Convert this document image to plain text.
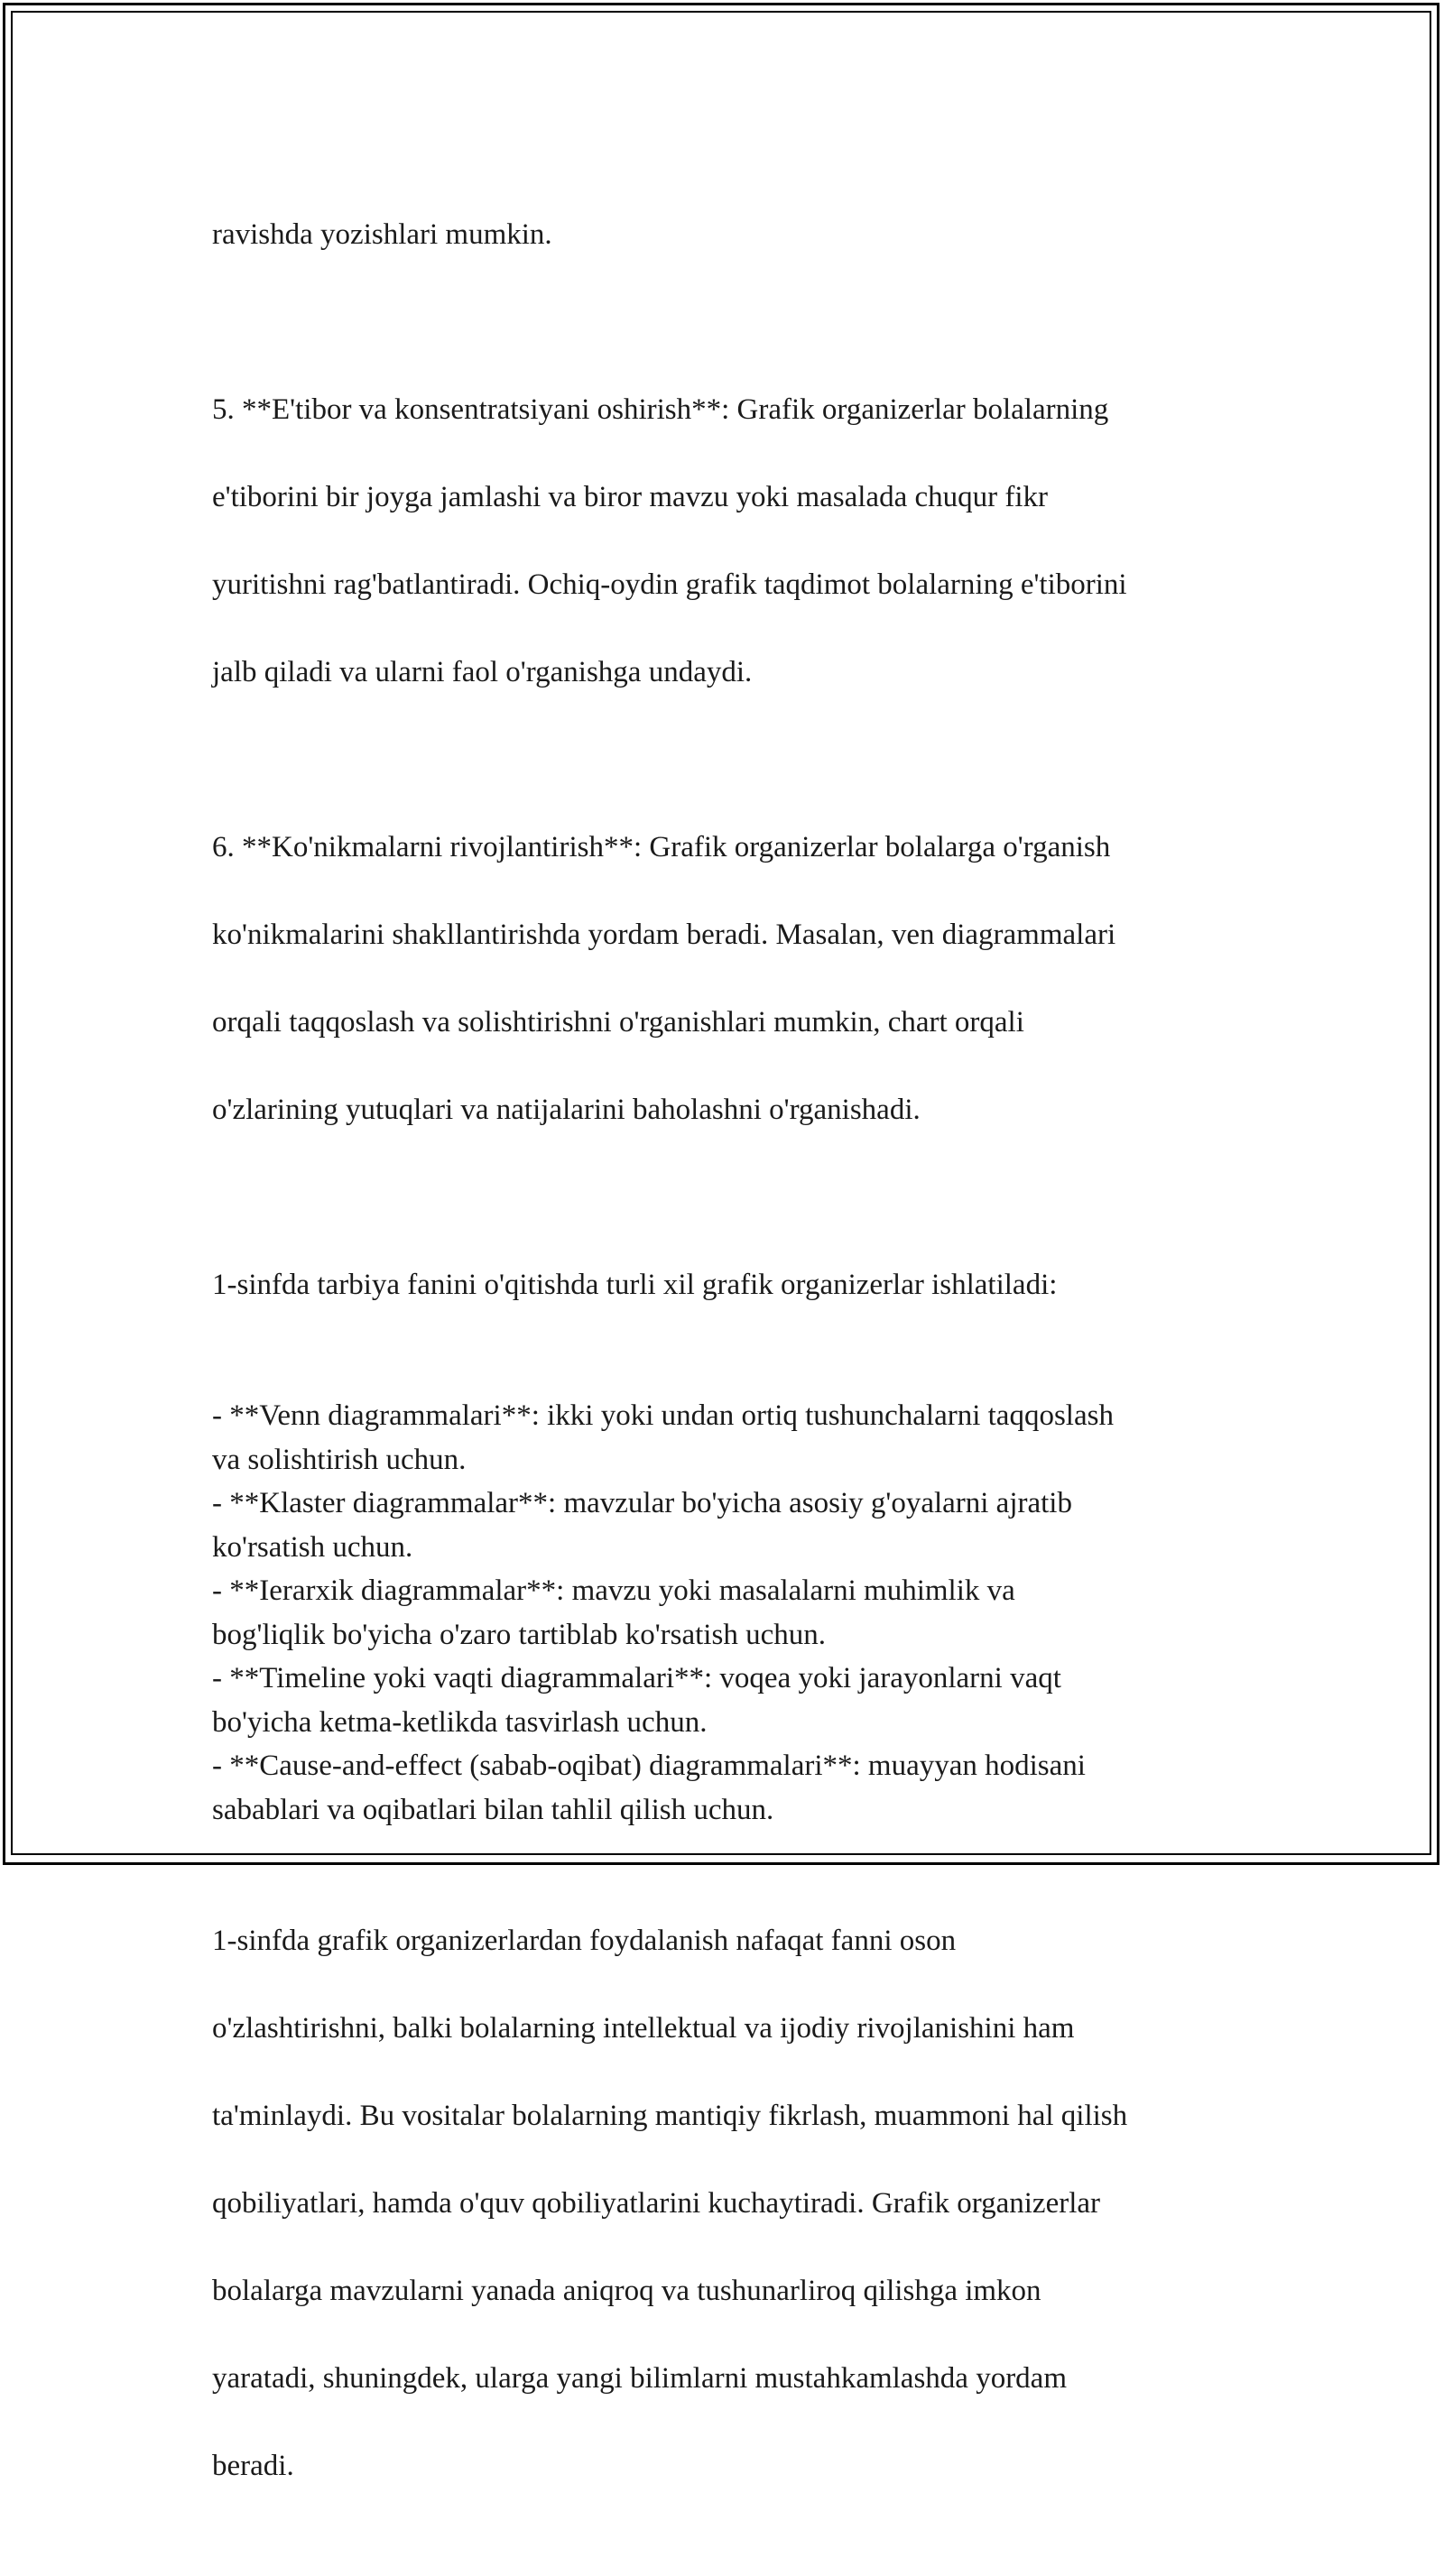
ravishda yozishlari mumkin.

5. **E'tibor va konsentratsiyani oshirish**: Grafik organizerlar bolalarning

e'tiborini bir joyga jamlashi va biror mavzu yoki masalada chuqur fikr

yuritishni rag'batlantiradi. Ochiq-oydin grafik taqdimot bolalarning e'tiborini

jalb qiladi va ularni faol o'rganishga undaydi.

6. **Ko'nikmalarni rivojlantirish**: Grafik organizerlar bolalarga o'rganish

ko'nikmalarini shakllantirishda yordam beradi. Masalan, ven diagrammalari

orqali taqqoslash va solishtirishni o'rganishlari mumkin, chart orqali

o'zlarining yutuqlari va natijalarini baholashni o'rganishadi.

1-sinfda tarbiya fanini o'qitishda turli xil grafik organizerlar ishlatiladi:

- **Venn diagrammalari**: ikki yoki undan ortiq tushunchalarni taqqoslash
va solishtirish uchun.
- **Klaster diagrammalar**: mavzular bo'yicha asosiy g'oyalarni ajratib
ko'rsatish uchun.
- **Ierarxik diagrammalar**: mavzu yoki masalalarni muhimlik va
bog'liqlik bo'yicha o'zaro tartiblab ko'rsatish uchun.
- **Timeline yoki vaqti diagrammalari**: voqea yoki jarayonlarni vaqt
bo'yicha ketma-ketlikda tasvirlash uchun.
- **Cause-and-effect (sabab-oqibat) diagrammalari**: muayyan hodisani
sabablari va oqibatlari bilan tahlil qilish uchun.

1-sinfda grafik organizerlardan foydalanish nafaqat fanni oson

o'zlashtirishni, balki bolalarning intellektual va ijodiy rivojlanishini ham

ta'minlaydi. Bu vositalar bolalarning mantiqiy fikrlash, muammoni hal qilish

qobiliyatlari, hamda o'quv qobiliyatlarini kuchaytiradi. Grafik organizerlar

bolalarga mavzularni yanada aniqroq va tushunarliroq qilishga imkon

yaratadi, shuningdek, ularga yangi bilimlarni mustahkamlashda yordam

beradi.
